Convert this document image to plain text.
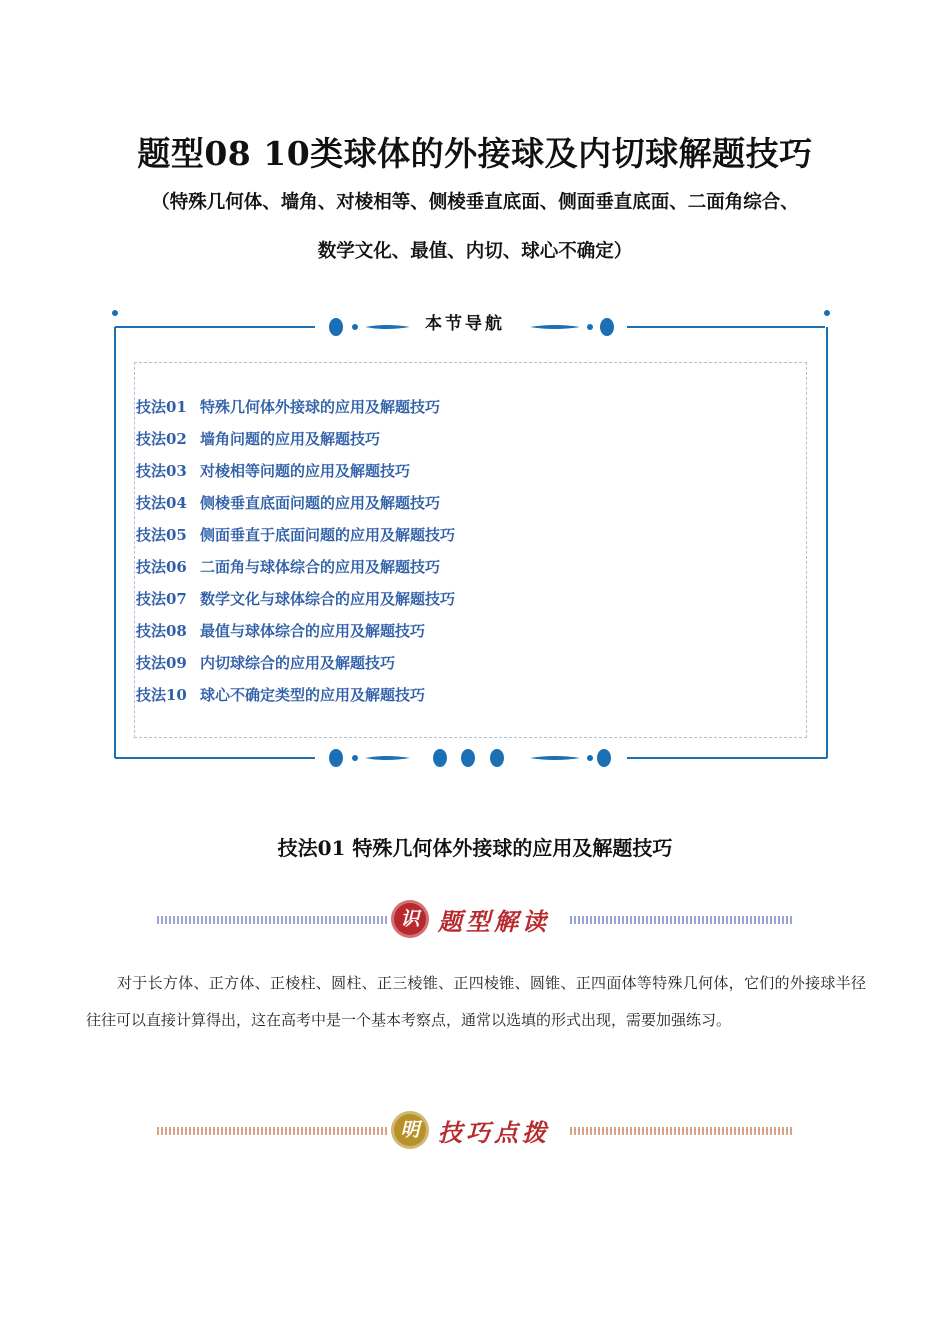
题型08 10类球体的外接球及内切球解题技巧
（特殊几何体、墙角、对棱相等、侧棱垂直底面、侧面垂直底面、二面角综合、
数学文化、最值、内切、球心不确定）
本节导航
技法01 特殊几何体外接球的应用及解题技巧
技法02 墙角问题的应用及解题技巧
技法03 对棱相等问题的应用及解题技巧
技法04 侧棱垂直底面问题的应用及解题技巧
技法05 侧面垂直于底面问题的应用及解题技巧
技法06 二面角与球体综合的应用及解题技巧
技法07 数学文化与球体综合的应用及解题技巧
技法08 最值与球体综合的应用及解题技巧
技法09 内切球综合的应用及解题技巧
技法10 球心不确定类型的应用及解题技巧
技法01 特殊几何体外接球的应用及解题技巧
识 题型解读

对于长方体、正方体、正棱柱、圆柱、正三棱锥、正四棱锥、圆锥、正四面体等特殊几何体，它们的外接球半径往往可以直接计算得出，这在高考中是一个基本考察点，通常以选填的形式出现，需要加强练习。

明 技巧点拨
